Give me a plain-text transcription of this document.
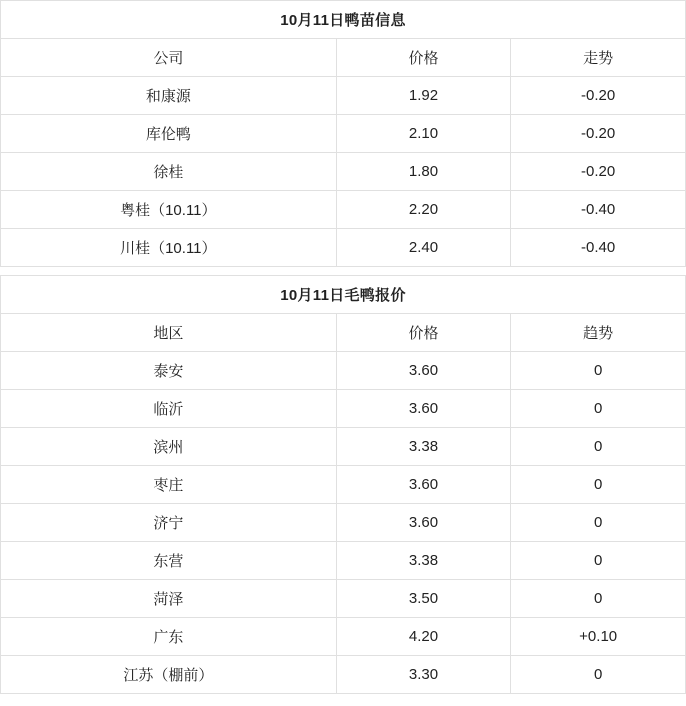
10月11日鸭苗信息		
公司	价格	走势
和康源	1.92	-0.20
库伦鸭	2.10	-0.20
徐桂	1.80	-0.20
粤桂（10.11）	2.20	-0.40
川桂（10.11）	2.40	-0.40
10月11日毛鸭报价		
地区	价格	趋势
泰安	3.60	0
临沂	3.60	0
滨州	3.38	0
枣庄	3.60	0
济宁	3.60	0
东营	3.38	0
菏泽	3.50	0
广东	4.20	+0.10
江苏（棚前）	3.30	0
